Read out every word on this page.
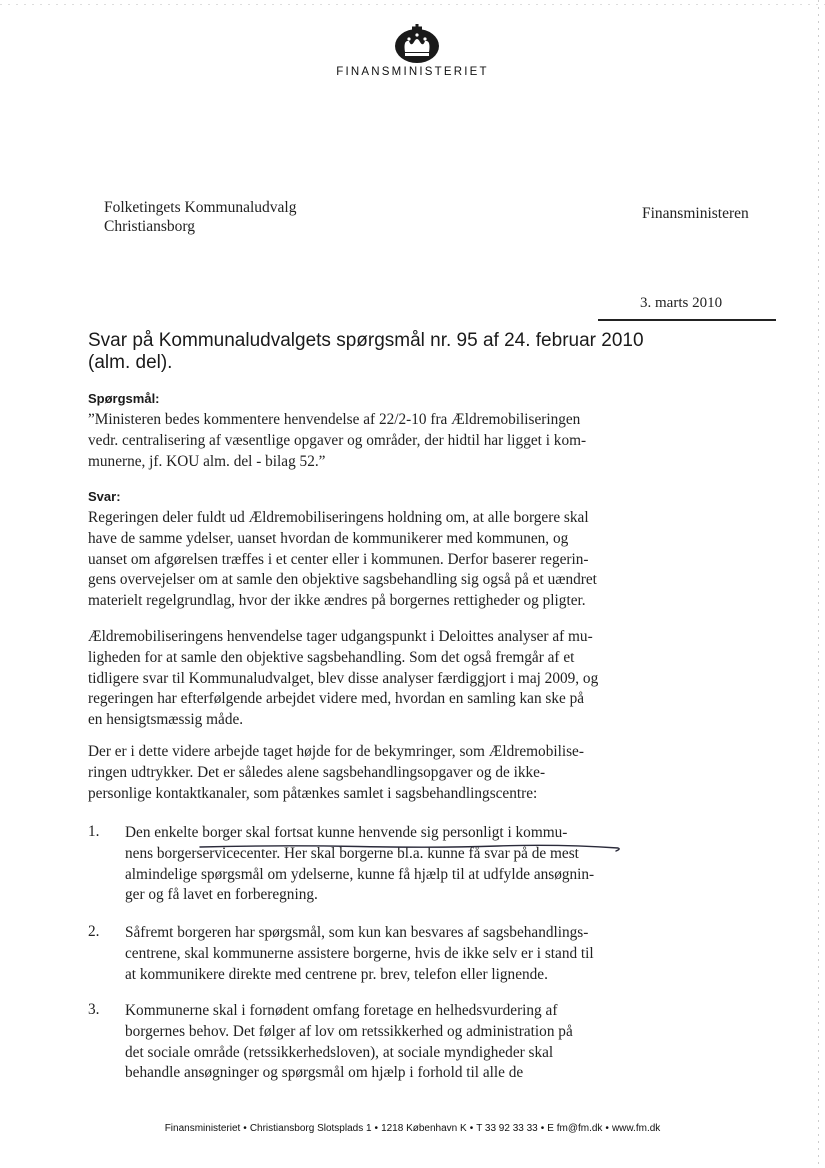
FINANSMINISTERIET
Folketingets Kommunaludvalg
Christiansborg
Finansministeren
3. marts 2010
Svar på Kommunaludvalgets spørgsmål nr. 95 af 24. februar 2010
(alm. del).
Spørgsmål:
”Ministeren bedes kommentere henvendelse af 22/2-10 fra Ældremobiliseringen
vedr. centralisering af væsentlige opgaver og områder, der hidtil har ligget i kom-
munerne, jf. KOU alm. del - bilag 52.”
Svar:
Regeringen deler fuldt ud Ældremobiliseringens holdning om, at alle borgere skal
have de samme ydelser, uanset hvordan de kommunikerer med kommunen, og
uanset om afgørelsen træffes i et center eller i kommunen. Derfor baserer regerin-
gens overvejelser om at samle den objektive sagsbehandling sig også på et uændret
materielt regelgrundlag, hvor der ikke ændres på borgernes rettigheder og pligter.
Ældremobiliseringens henvendelse tager udgangspunkt i Deloittes analyser af mu-
ligheden for at samle den objektive sagsbehandling. Som det også fremgår af et
tidligere svar til Kommunaludvalget, blev disse analyser færdiggjort i maj 2009, og
regeringen har efterfølgende arbejdet videre med, hvordan en samling kan ske på
en hensigtsmæssig måde.
Der er i dette videre arbejde taget højde for de bekymringer, som Ældremobilise-
ringen udtrykker. Det er således alene sagsbehandlingsopgaver og de ikke-
personlige kontaktkanaler, som påtænkes samlet i sagsbehandlingscentre:
1. Den enkelte borger skal fortsat kunne henvende sig personligt i kommu-
nens borgerservicecenter. Her skal borgerne bl.a. kunne få svar på de mest
almindelige spørgsmål om ydelserne, kunne få hjælp til at udfylde ansøgnin-
ger og få lavet en forberegning.
2. Såfremt borgeren har spørgsmål, som kun kan besvares af sagsbehandlings-
centrene, skal kommunerne assistere borgerne, hvis de ikke selv er i stand til
at kommunikere direkte med centrene pr. brev, telefon eller lignende.
3. Kommunerne skal i fornødent omfang foretage en helhedsvurdering af
borgernes behov. Det følger af lov om retssikkerhed og administration på
det sociale område (retssikkerhedsloven), at sociale myndigheder skal
behandle ansøgninger og spørgsmål om hjælp i forhold til alle de
Finansministeriet • Christiansborg Slotsplads 1 • 1218 København K • T 33 92 33 33 • E fm@fm.dk • www.fm.dk
